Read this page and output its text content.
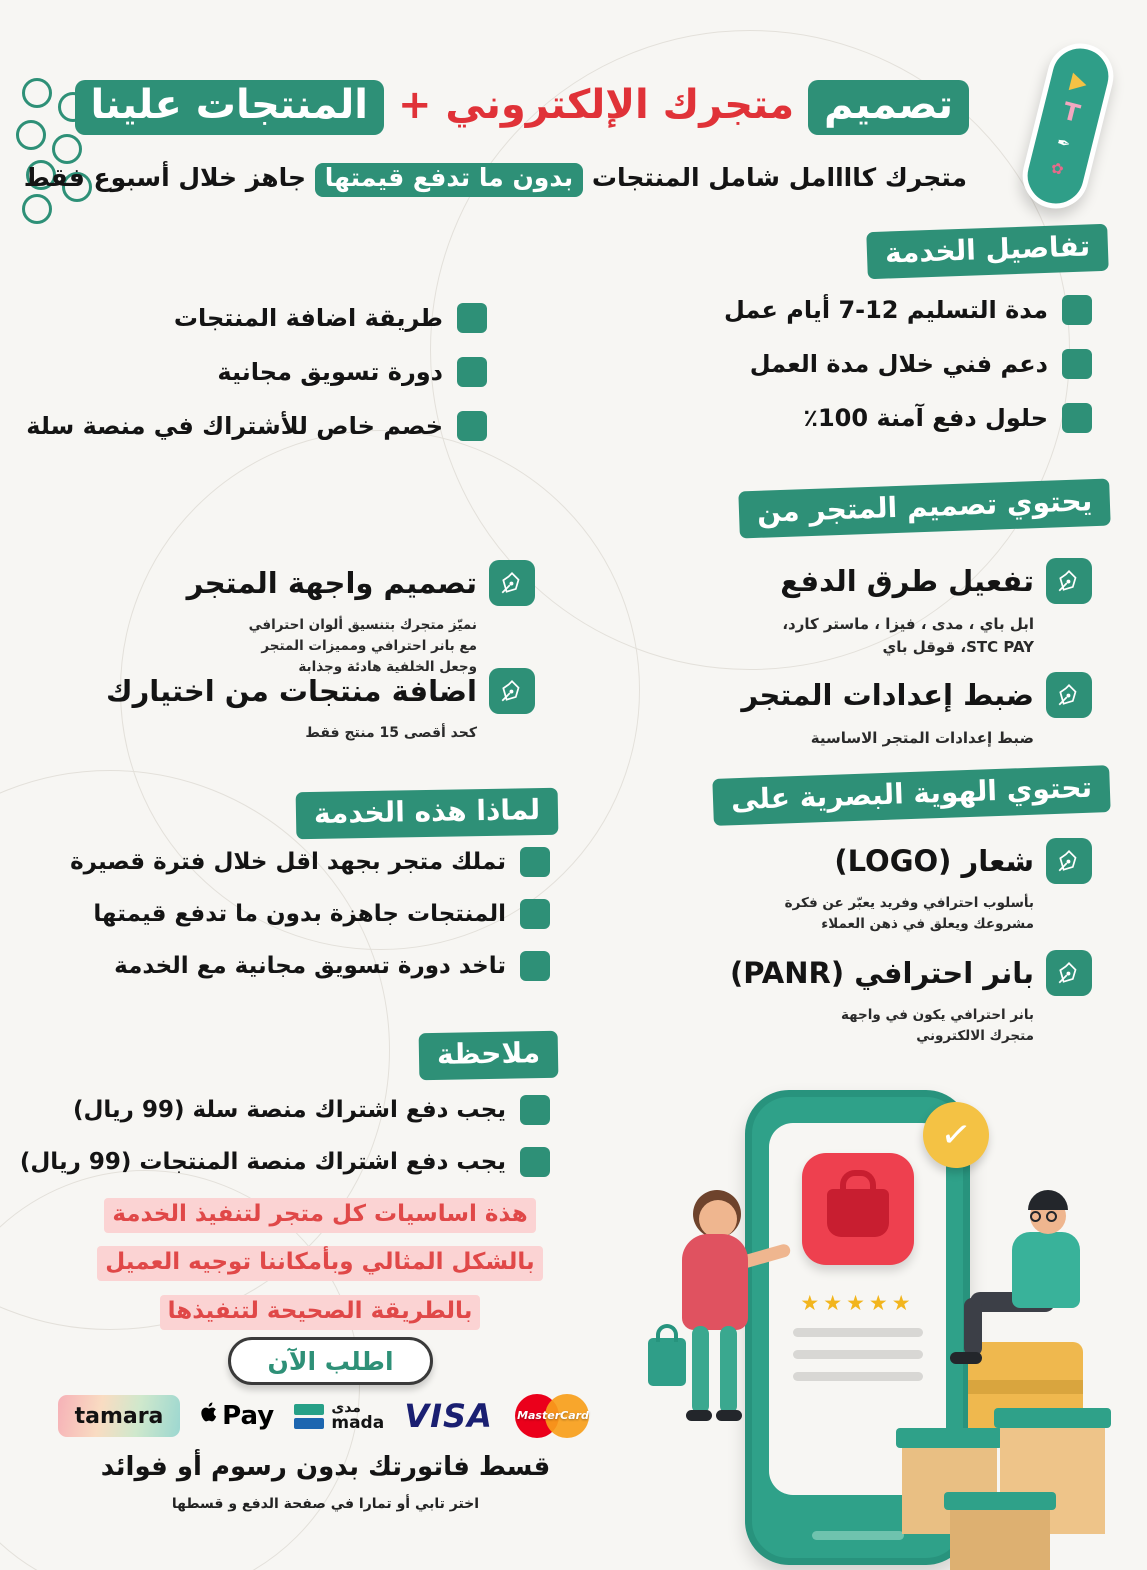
تصميم متجرك الإلكتروني + المنتجات علينا
متجرك كاااامل شامل المنتجات بدون ما تدفع قيمتها جاهز خلال أسبوع فقط
T
✒
✿
تفاصيل الخدمة
مدة التسليم 12-7 أيام عمل
دعم فني خلال مدة العمل
حلول دفع آمنة 100٪
طريقة اضافة المنتجات
دورة تسويق مجانية
خصم خاص للأشتراك في منصة سلة
يحتوي تصميم المتجر من
تفعيل طرق الدفع
ابل باي ، مدى ، فيزا ، ماستر كارد، STC PAY، قوقل باي
ضبط إعدادات المتجر
ضبط إعدادات المتجر الاساسية
تصميم واجهة المتجر
نميّز متجرك بتنسيق ألوان احترافي مع بانر احترافي ومميزات المتجر وجعل الخلفية هادئة وجذابة
اضافة منتجات من اختيارك
كحد أقصى 15 منتج فقط
لماذا هذه الخدمة
تملك متجر بجهد اقل خلال فترة قصيرة
المنتجات جاهزة بدون ما تدفع قيمتها
تاخد دورة تسويق مجانية مع الخدمة
تحتوي الهوية البصرية على
شعار (LOGO)
بأسلوب احترافي وفريد يعبّر عن فكرة مشروعك ويعلق في ذهن العملاء
بانر احترافي (PANR)
بانر احترافي يكون في واجهة متجرك الالكتروني
ملاحظة
يجب دفع اشتراك منصة سلة (99 ريال)
يجب دفع اشتراك منصة المنتجات (99 ريال)
هذة اساسيات كل متجر لتنفيذ الخدمة بالشكل المثالي وبأمكاننا توجيه العميل بالطريقة الصحيحة لتنفيذها
اطلب الآن
tamara	Pay	مدى
mada VISA	MasterCard
قسط فاتورتك بدون رسوم أو فوائد
اختر تابي أو تمارا في صفحة الدفع و قسطها
★★★★★
✓
